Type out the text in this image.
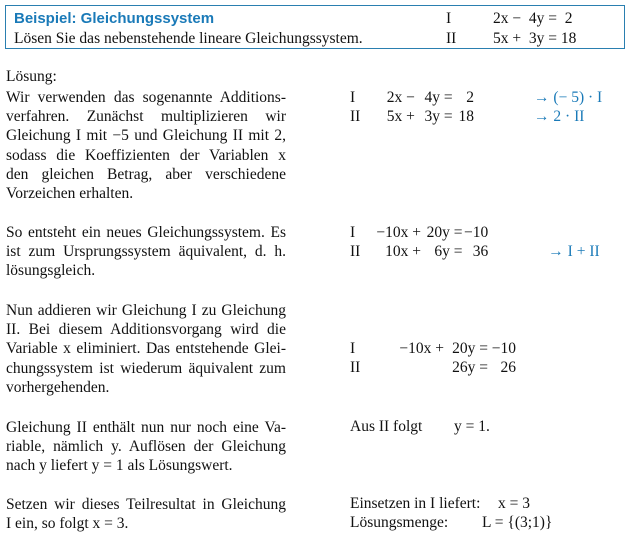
Beispiel: Gleichungssystem
Lösen Sie das nebenstehende lineare Gleichungssystem.
I	2x −  4y =  2
II 5x +  3y = 18
Lösung:
Wir verwenden das sogenannte Additions-
verfahren. Zunächst multiplizieren wir
Gleichung I mit −5 und Gleichung II mit 2,
sodass die Koeffizienten der Variablen x
den gleichen Betrag, aber verschiedene
Vorzeichen erhalten.
I	2x −	4y =	2	→ (− 5) · I
II	5x +	3y =	18	→ 2 · II
So entsteht ein neues Gleichungssystem. Es
ist zum Ursprungssystem äquivalent, d. h.
lösungsgleich.
I	−10x +	20y =	−10	
II	10x +	6y =	36	→ I + II
Nun addieren wir Gleichung I zu Gleichung
II. Bei diesem Additionsvorgang wird die
Variable x eliminiert. Das entstehende Glei-
chungssystem ist wiederum äquivalent zum
vorhergehenden.
I	−10x +	20y =	−10
II		26y =	26
Gleichung II enthält nun nur noch eine Va-
riable, nämlich y. Auflösen der Gleichung
nach y liefert y = 1 als Lösungswert.
Aus II folgt y = 1.
Setzen wir dieses Teilresultat in Gleichung
I ein, so folgt x = 3.
Einsetzen in I liefert: x = 3
Lösungsmenge: L = {(3;1)}
